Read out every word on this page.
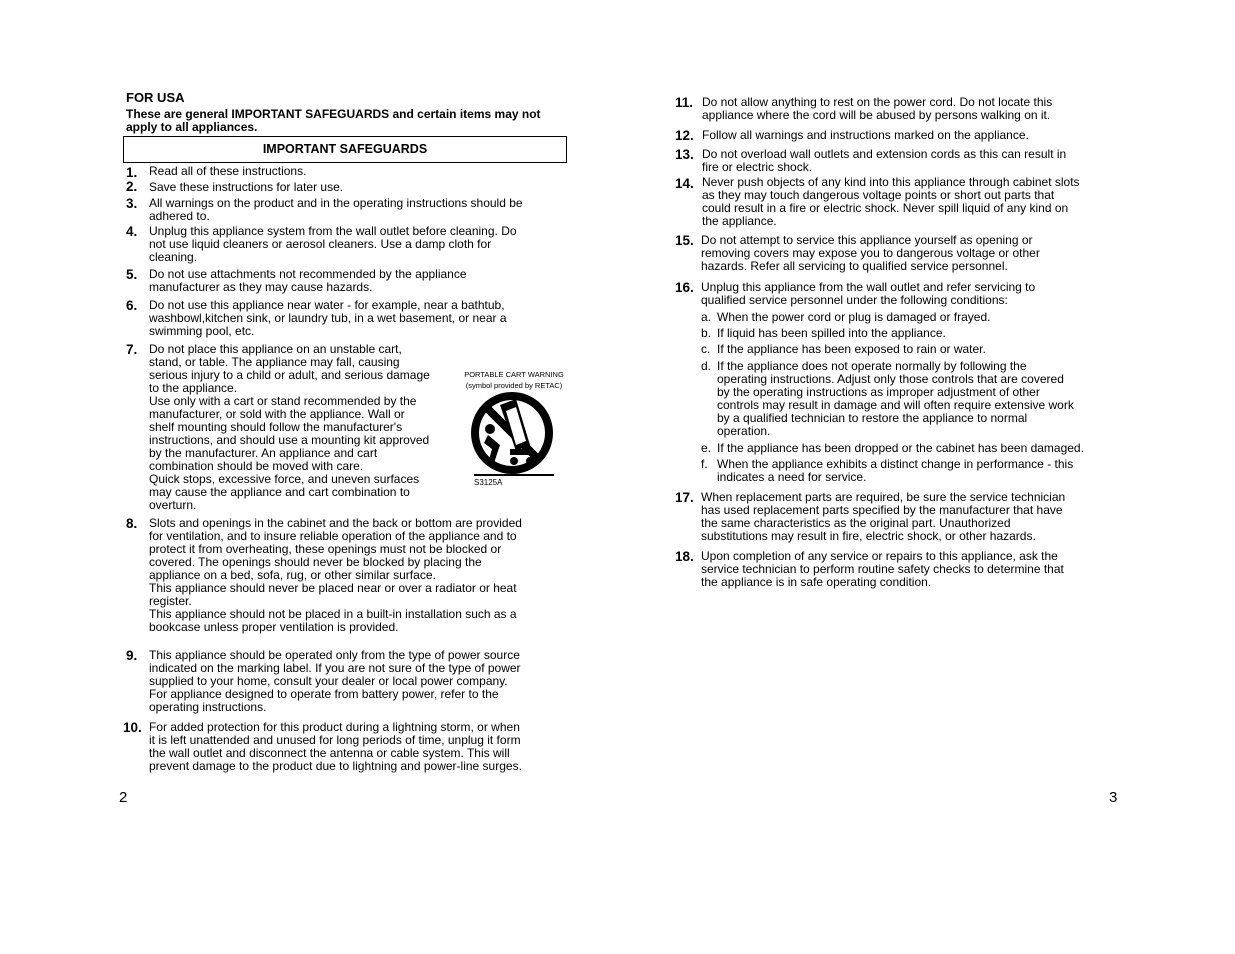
FOR USA
These are general IMPORTANT SAFEGUARDS and certain items may not apply to all appliances.
IMPORTANT SAFEGUARDS
PORTABLE CART WARNING
(symbol provided by RETAC)
S3125A
2	3
1. Read all of these instructions.
2. Save these instructions for later use.
3. All warnings on the product and in the operating instructions should be
adhered to.
4. Unplug this appliance system from the wall outlet before cleaning. Do
not use liquid cleaners or aerosol cleaners. Use a damp cloth for
cleaning.
5. Do not use attachments not recommended by the appliance
manufacturer as they may cause hazards.
6. Do not use this appliance near water - for example, near a bathtub,
washbowl,kitchen sink, or laundry tub, in a wet basement, or near a
swimming pool, etc.
7. Do not place this appliance on an unstable cart,
stand, or table. The appliance may fall, causing
serious injury to a child or adult, and serious damage
to the appliance.
Use only with a cart or stand recommended by the
manufacturer, or sold with the appliance. Wall or
shelf mounting should follow the manufacturer's
instructions, and should use a mounting kit approved
by the manufacturer. An appliance and cart
combination should be moved with care.
Quick stops, excessive force, and uneven surfaces
may cause the appliance and cart combination to
overturn.
8. Slots and openings in the cabinet and the back or bottom are provided
for ventilation, and to insure reliable operation of the appliance and to
protect it from overheating, these openings must not be blocked or
covered. The openings should never be blocked by placing the
appliance on a bed, sofa, rug, or other similar surface.
This appliance should never be placed near or over a radiator or heat
register.
This appliance should not be placed in a built-in installation such as a
bookcase unless proper ventilation is provided.
9. This appliance should be operated only from the type of power source
indicated on the marking label. If you are not sure of the type of power
supplied to your home, consult your dealer or local power company.
For appliance designed to operate from battery power, refer to the
operating instructions.
10. For added protection for this product during a lightning storm, or when
it is left unattended and unused for long periods of time, unplug it form
the wall outlet and disconnect the antenna or cable system. This will
prevent damage to the product due to lightning and power-line surges.
11. Do not allow anything to rest on the power cord. Do not locate this
appliance where the cord will be abused by persons walking on it.
12. Follow all warnings and instructions marked on the appliance.
13. Do not overload wall outlets and extension cords as this can result in
fire or electric shock.
14. Never push objects of any kind into this appliance through cabinet slots
as they may touch dangerous voltage points or short out parts that
could result in a fire or electric shock. Never spill liquid of any kind on
the appliance.
15. Do not attempt to service this appliance yourself as opening or
removing covers may expose you to dangerous voltage or other
hazards. Refer all servicing to qualified service personnel.
16. Unplug this appliance from the wall outlet and refer servicing to
qualified service personnel under the following conditions:
17. When replacement parts are required, be sure the service technician
has used replacement parts specified by the manufacturer that have
the same characteristics as the original part. Unauthorized
substitutions may result in fire, electric shock, or other hazards.
18. Upon completion of any service or repairs to this appliance, ask the
service technician to perform routine safety checks to determine that
the appliance is in safe operating condition.
a. When the power cord or plug is damaged or frayed.
b. If liquid has been spilled into the appliance.
c. If the appliance has been exposed to rain or water.
d. If the appliance does not operate normally by following the
operating instructions. Adjust only those controls that are covered
by the operating instructions as improper adjustment of other
controls may result in damage and will often require extensive work
by a qualified technician to restore the appliance to normal
operation.
e. If the appliance has been dropped or the cabinet has been damaged.
f. When the appliance exhibits a distinct change in performance - this
indicates a need for service.
